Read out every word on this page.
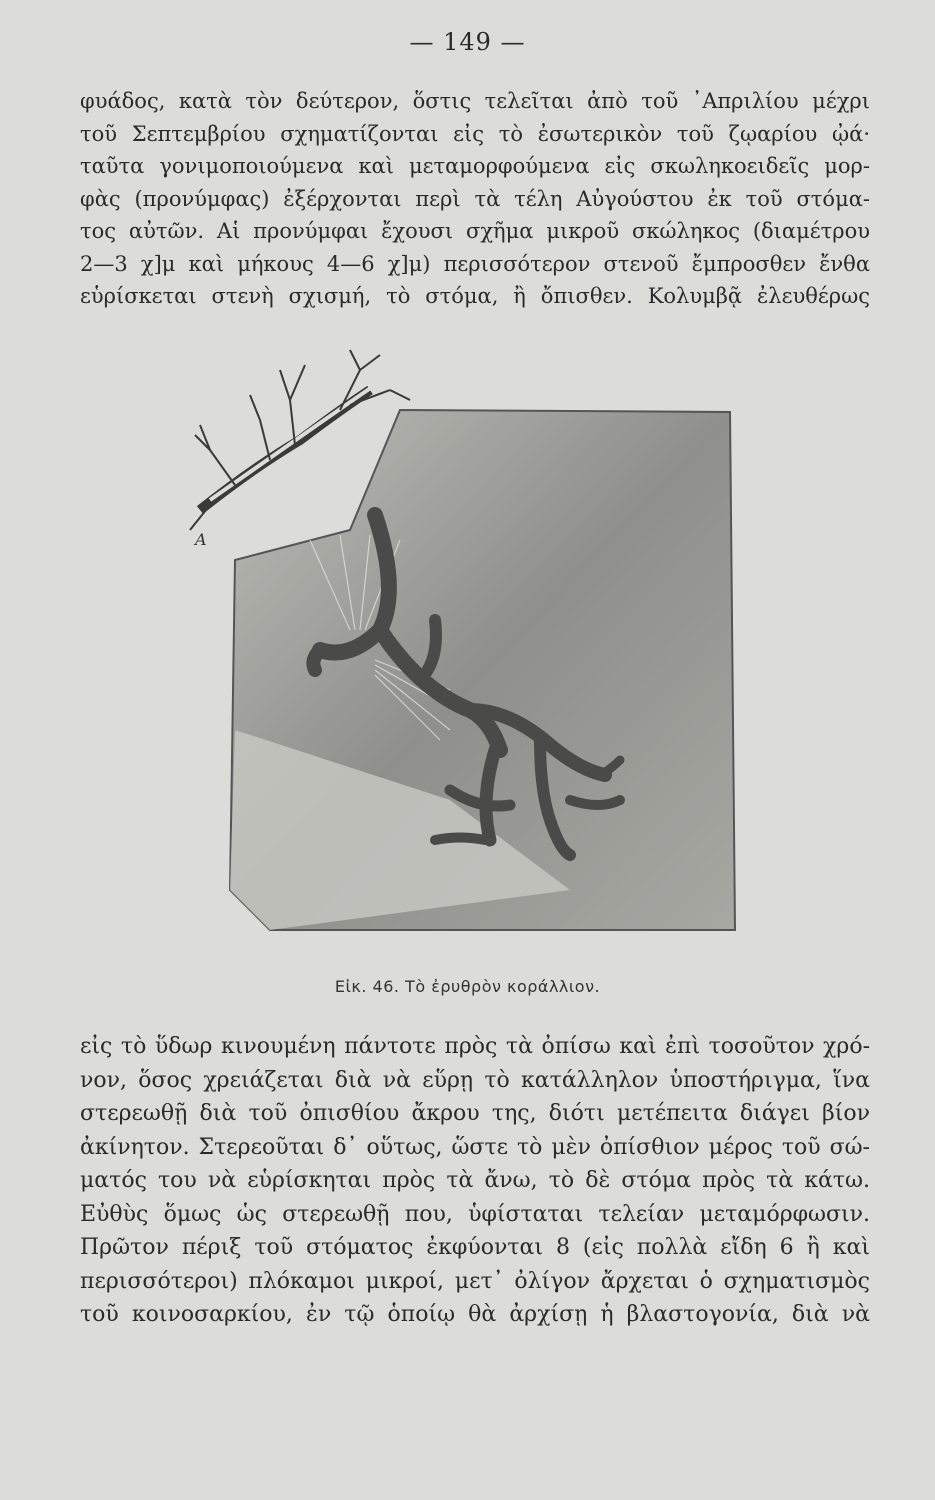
— 149 —

φυάδος, κατὰ τὸν δεύτερον, ὅστις τελεῖται ἀπὸ τοῦ ᾿Απριλίου μέχρι
τοῦ Σεπτεμβρίου σχηματίζονται εἰς τὸ ἐσωτερικὸν τοῦ ζῳαρίου ᾠά·
ταῦτα γονιμοποιούμενα καὶ μεταμορφούμενα εἰς σκωληκοειδεῖς μορ-
φὰς (προνύμφας) ἐξέρχονται περὶ τὰ τέλη Αὐγούστου ἐκ τοῦ στόμα-
τος αὐτῶν. Αἱ προνύμφαι ἔχουσι σχῆμα μικροῦ σκώληκος (διαμέτρου
2—3 χ]μ καὶ μήκους 4—6 χ]μ) περισσότερον στενοῦ ἔμπροσθεν ἔνθα
εὑρίσκεται στενὴ σχισμή, τὸ στόμα, ἢ ὄπισθεν. Κολυμβᾷ ἐλευθέρως

Α
Εἰκ. 46. Τὸ ἐρυθρὸν κοράλλιον.

εἰς τὸ ὕδωρ κινουμένη πάντοτε πρὸς τὰ ὀπίσω καὶ ἐπὶ τοσοῦτον χρό-
νον, ὅσος χρειάζεται διὰ νὰ εὕρῃ τὸ κατάλληλον ὑποστήριγμα, ἵνα
στερεωθῇ διὰ τοῦ ὀπισθίου ἄκρου της, διότι μετέπειτα διάγει βίον
ἀκίνητον. Στερεοῦται δ᾿ οὕτως, ὥστε τὸ μὲν ὀπίσθιον μέρος τοῦ σώ-
ματός του νὰ εὑρίσκηται πρὸς τὰ ἄνω, τὸ δὲ στόμα πρὸς τὰ κάτω.
Εὐθὺς ὅμως ὡς στερεωθῇ που, ὑφίσταται τελείαν μεταμόρφωσιν.
Πρῶτον πέριξ τοῦ στόματος ἐκφύονται 8 (εἰς πολλὰ εἴδη 6 ἢ καὶ
περισσότεροι) πλόκαμοι μικροί, μετ᾿ ὀλίγον ἄρχεται ὁ σχηματισμὸς
τοῦ κοινοσαρκίου, ἐν τῷ ὁποίῳ θὰ ἀρχίσῃ ἡ βλαστογονία, διὰ νὰ
